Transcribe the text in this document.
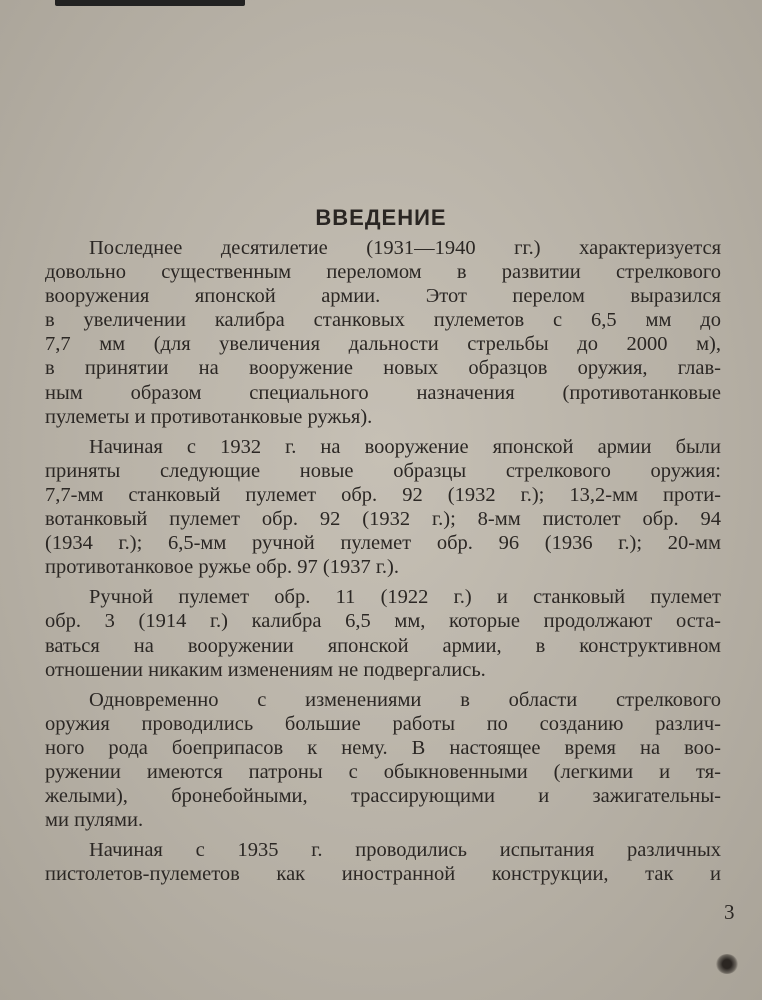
ВВЕДЕНИЕ
Последнее десятилетие (1931—1940 гг.) характеризуется
довольно существенным переломом в развитии стрелкового
вооружения японской армии. Этот перелом выразился
в увеличении калибра станковых пулеметов с 6,5 мм до
7,7 мм (для увеличения дальности стрельбы до 2000 м),
в принятии на вооружение новых образцов оружия, глав-
ным образом специального назначения (противотанковые
пулеметы и противотанковые ружья).
Начиная с 1932 г. на вооружение японской армии были
приняты следующие новые образцы стрелкового оружия:
7,7-мм станковый пулемет обр. 92 (1932 г.); 13,2-мм проти-
вотанковый пулемет обр. 92 (1932 г.); 8-мм пистолет обр. 94
(1934 г.); 6,5-мм ручной пулемет обр. 96 (1936 г.); 20-мм
противотанковое ружье обр. 97 (1937 г.).
Ручной пулемет обр. 11 (1922 г.) и станковый пулемет
обр. 3 (1914 г.) калибра 6,5 мм, которые продолжают оста-
ваться на вооружении японской армии, в конструктивном
отношении никаким изменениям не подвергались.
Одновременно с изменениями в области стрелкового
оружия проводились большие работы по созданию различ-
ного рода боеприпасов к нему. В настоящее время на воо-
ружении имеются патроны с обыкновенными (легкими и тя-
желыми), бронебойными, трассирующими и зажигательны-
ми пулями.
Начиная с 1935 г. проводились испытания различных
пистолетов-пулеметов как иностранной конструкции, так и
3
